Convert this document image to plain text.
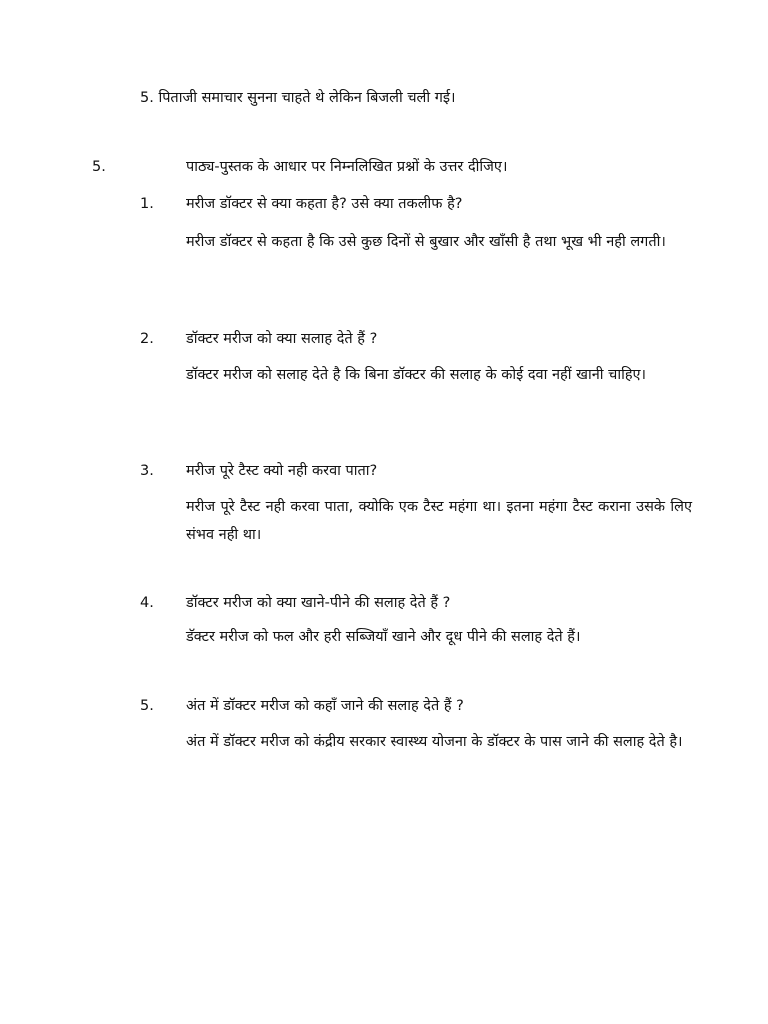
5. पिताजी समाचार सुनना चाहते थे लेकिन बिजली चली गई।
5.	पाठ्य-पुस्तक के आधार पर निम्नलिखित प्रश्नों के उत्तर दीजिए।
1. मरीज डॉक्टर से क्या कहता है? उसे क्या तकलीफ है?
मरीज डॉक्टर से कहता है कि उसे कुछ दिनों से बुखार और खाँसी है तथा भूख भी नही लगती।
2. डॉक्टर मरीज को क्या सलाह देते हैं ?
डॉक्टर मरीज को सलाह देते है कि बिना डॉक्टर की सलाह के कोई दवा नहीं खानी चाहिए।
3. मरीज पूरे टैस्ट क्यो नही करवा पाता?
मरीज पूरे टैस्ट नही करवा पाता, क्योकि एक टैस्ट महंगा था। इतना महंगा टैस्ट कराना उसके लिए संभव नही था।
4. डॉक्टर मरीज को क्या खाने-पीने की सलाह देते हैं ?
डॅक्टर मरीज को फल और हरी सब्जियाँ खाने और दूध पीने की सलाह देते हैं।
5. अंत में डॉक्टर मरीज को कहाँ जाने की सलाह देते हैं ?
अंत में डॉक्टर मरीज को कंद्रीय सरकार स्वास्थ्य योजना के डॉक्टर के पास जाने की सलाह देते है।
